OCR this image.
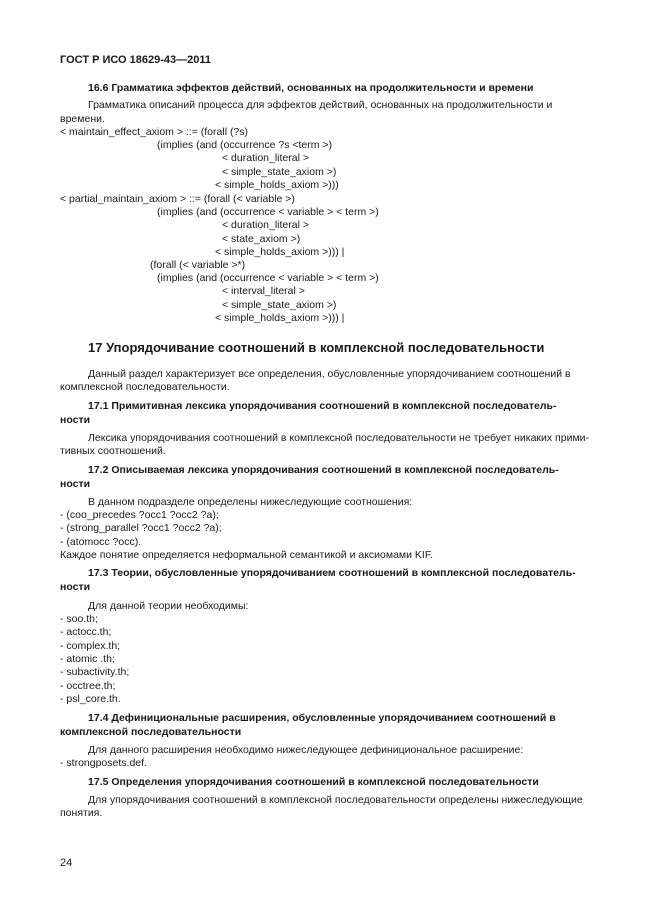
ГОСТ Р ИСО 18629-43—2011
16.6 Грамматика эффектов действий, основанных на продолжительности и времени
Грамматика описаний процесса для эффектов действий, основанных на продолжительности и
времени.
< maintain_effect_axiom > ::= (forall (?s)
(implies (and (occurrence ?s <term >)
< duration_literal >
< simple_state_axiom >)
< simple_holds_axiom >)))
< partial_maintain_axiom > ::= (forall (< variable >)
(implies (and (occurrence < variable > < term >)
< duration_literal >
< state_axiom >)
< simple_holds_axiom >))) |
(forall (< variable >*)
(implies (and (occurrence < variable > < term >)
< interval_literal >
< simple_state_axiom >)
< simple_holds_axiom >))) |
17 Упорядочивание соотношений в комплексной последовательности
Данный раздел характеризует все определения, обусловленные упорядочиванием соотношений в
комплексной последовательности.
17.1 Примитивная лексика упорядочивания соотношений в комплексной последователь-
ности
Лексика упорядочивания соотношений в комплексной последовательности не требует никаких прими-
тивных соотношений.
17.2 Описываемая лексика упорядочивания соотношений в комплексной последователь-
ности
В данном подразделе определены нижеследующие соотношения:
- (coo_precedes ?occ1 ?occ2 ?a);
- (strong_parallel ?occ1 ?occ2 ?a);
- (atomocc ?occ).
Каждое понятие определяется неформальной семантикой и аксиомами KIF.
17.3 Теории, обусловленные упорядочиванием соотношений в комплексной последователь-
ности
Для данной теории необходимы:
- soo.th;
- actocc.th;
- complex.th;
- atomic .th;
- subactivity.th;
- occtree.th;
- psl_core.th.
17.4 Дефинициональные расширения, обусловленные упорядочиванием соотношений в
комплексной последовательности
Для данного расширения необходимо нижеследующее дефинициональное расширение:
- strongposets.def.
17.5 Определения упорядочивания соотношений в комплексной последовательности
Для упорядочивания соотношений в комплексной последовательности определены нижеследующие
понятия.
24
